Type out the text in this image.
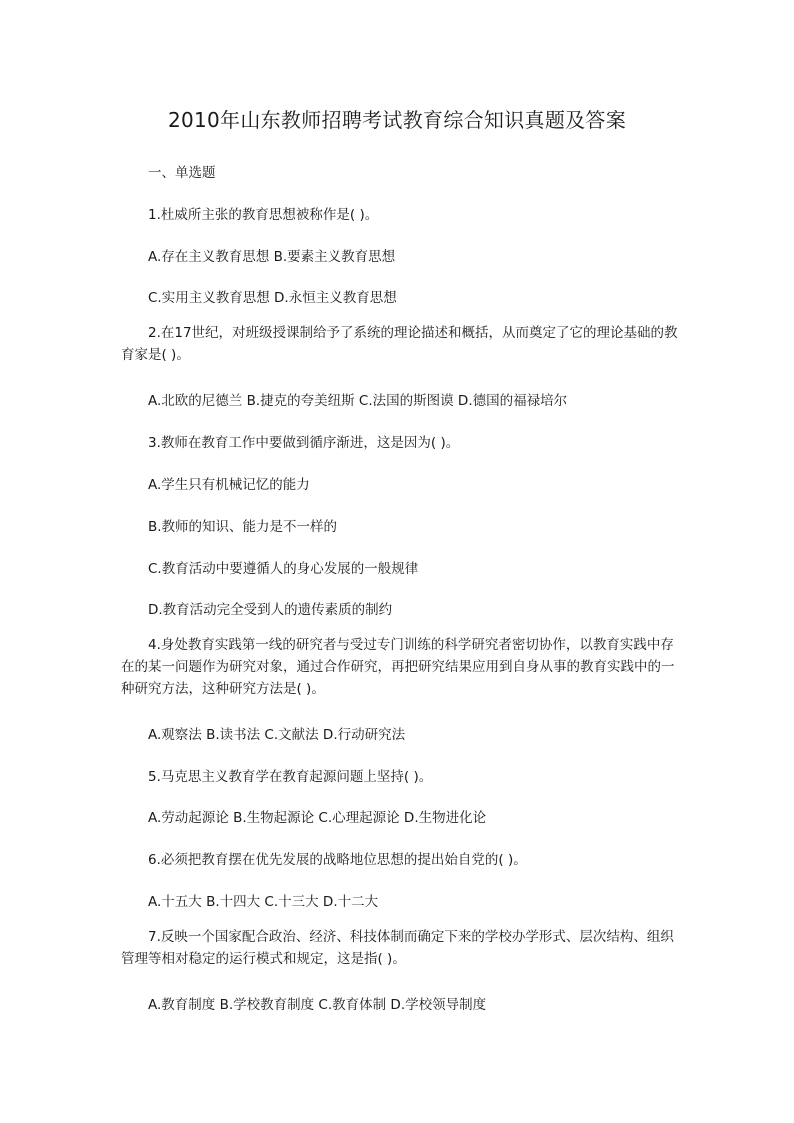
2010年山东教师招聘考试教育综合知识真题及答案
一、单选题
1.杜威所主张的教育思想被称作是( )。
A.存在主义教育思想 B.要素主义教育思想
C.实用主义教育思想 D.永恒主义教育思想
2.在17世纪，对班级授课制给予了系统的理论描述和概括，从而奠定了它的理论基础的教育家是( )。
A.北欧的尼德兰 B.捷克的夸美纽斯 C.法国的斯图谟 D.德国的福禄培尔
3.教师在教育工作中要做到循序渐进，这是因为( )。
A.学生只有机械记忆的能力
B.教师的知识、能力是不一样的
C.教育活动中要遵循人的身心发展的一般规律
D.教育活动完全受到人的遗传素质的制约
4.身处教育实践第一线的研究者与受过专门训练的科学研究者密切协作，以教育实践中存在的某一问题作为研究对象，通过合作研究，再把研究结果应用到自身从事的教育实践中的一种研究方法，这种研究方法是( )。
A.观察法 B.读书法 C.文献法 D.行动研究法
5.马克思主义教育学在教育起源问题上坚持( )。
A.劳动起源论 B.生物起源论 C.心理起源论 D.生物进化论
6.必须把教育摆在优先发展的战略地位思想的提出始自党的( )。
A.十五大 B.十四大 C.十三大 D.十二大
7.反映一个国家配合政治、经济、科技体制而确定下来的学校办学形式、层次结构、组织管理等相对稳定的运行模式和规定，这是指( )。
A.教育制度 B.学校教育制度 C.教育体制 D.学校领导制度
